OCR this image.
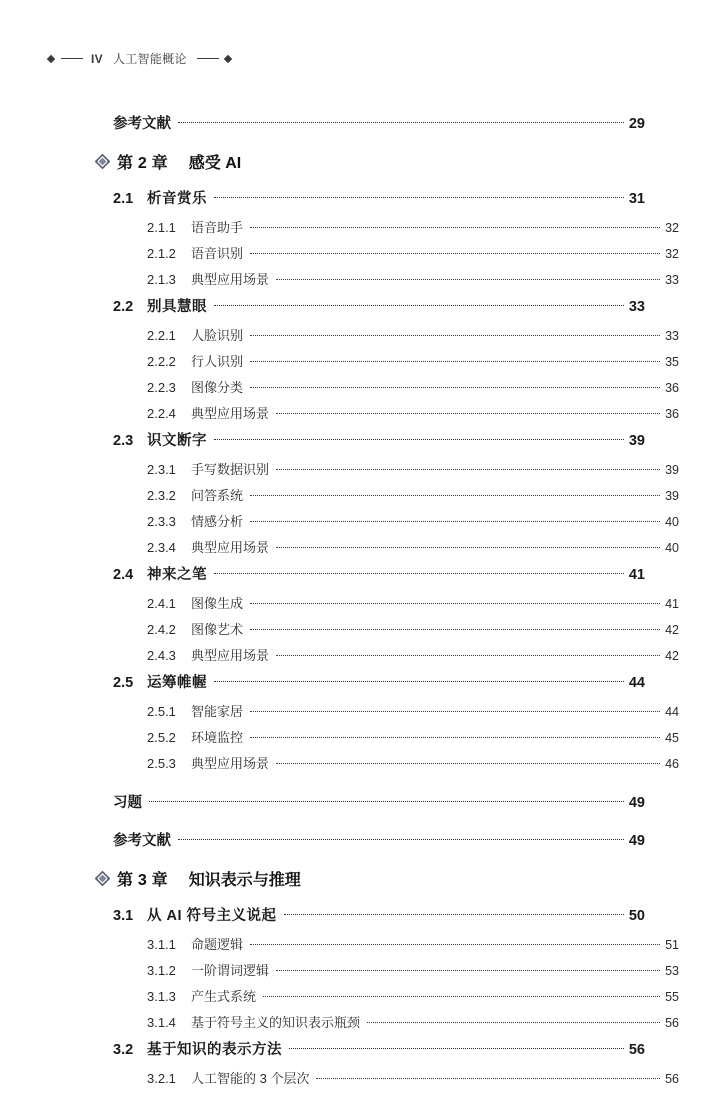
IV 人工智能概论
参考文献	29
第 2 章 感受 AI
2.1 析音赏乐	31
2.1.1	语音助手	32
2.1.2	语音识别	32
2.1.3	典型应用场景	33
2.2 别具慧眼	33
2.2.1	人脸识别	33
2.2.2	行人识别	35
2.2.3	图像分类	36
2.2.4	典型应用场景	36
2.3 识文断字	39
2.3.1	手写数据识别	39
2.3.2	问答系统	39
2.3.3	情感分析	40
2.3.4	典型应用场景	40
2.4 神来之笔	41
2.4.1	图像生成	41
2.4.2	图像艺术	42
2.4.3	典型应用场景	42
2.5 运筹帷幄	44
2.5.1	智能家居	44
2.5.2	环境监控	45
2.5.3	典型应用场景	46
习题	49
参考文献	49
第 3 章 知识表示与推理
3.1 从 AI 符号主义说起	50
3.1.1	命题逻辑	51
3.1.2	一阶谓词逻辑	53
3.1.3	产生式系统	55
3.1.4	基于符号主义的知识表示瓶颈	56
3.2 基于知识的表示方法	56
3.2.1	人工智能的 3 个层次	56
